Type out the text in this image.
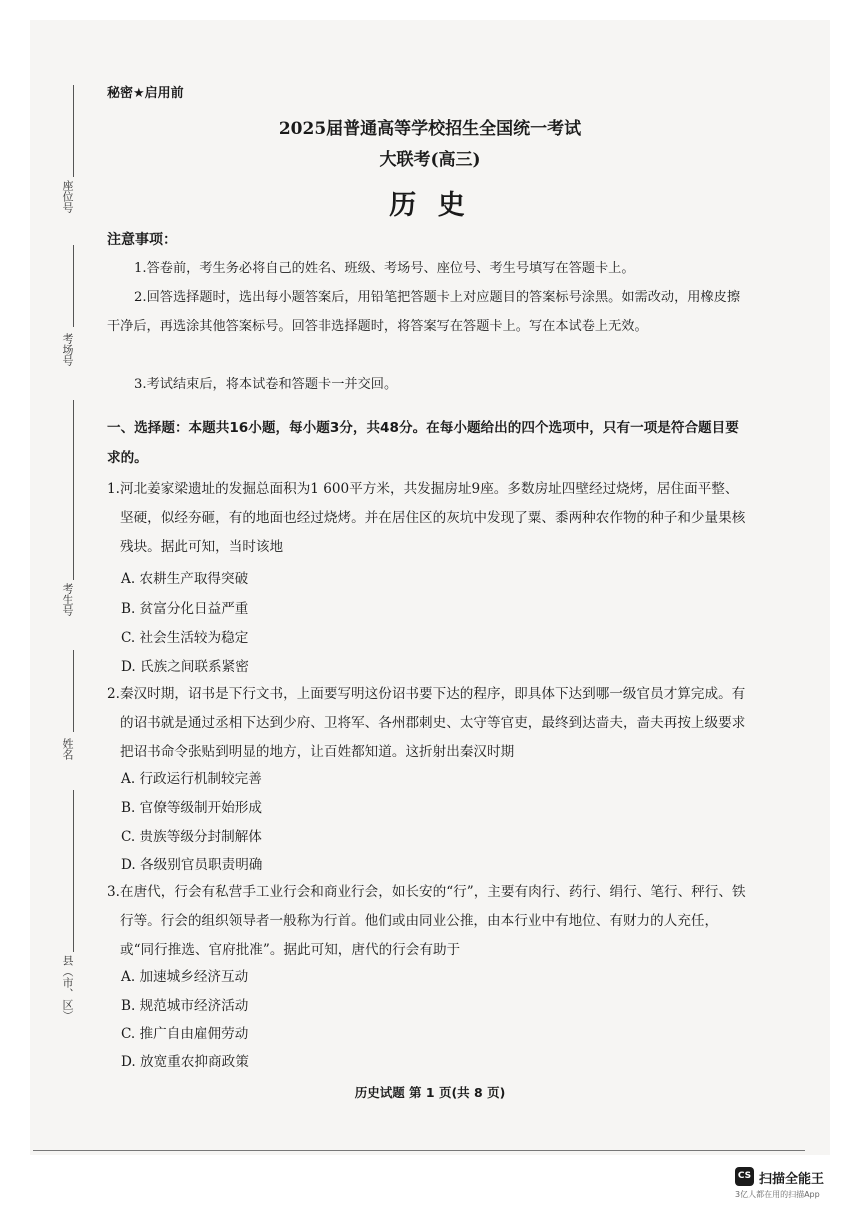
座位号
考场号
考生号
姓名
县（市、区）
秘密★启用前
2025届普通高等学校招生全国统一考试
大联考(高三)
历 史
注意事项：
1.答卷前，考生务必将自己的姓名、班级、考场号、座位号、考生号填写在答题卡上。
2.回答选择题时，选出每小题答案后，用铅笔把答题卡上对应题目的答案标号涂黑。如需改动，用橡皮擦干净后，再选涂其他答案标号。回答非选择题时，将答案写在答题卡上。写在本试卷上无效。
3.考试结束后，将本试卷和答题卡一并交回。
一、选择题：本题共16小题，每小题3分，共48分。在每小题给出的四个选项中，只有一项是符合题目要求的。
1.河北姜家梁遗址的发掘总面积为1 600平方米，共发掘房址9座。多数房址四壁经过烧烤，居住面平整、坚硬，似经夯砸，有的地面也经过烧烤。并在居住区的灰坑中发现了粟、黍两种农作物的种子和少量果核残块。据此可知，当时该地
A. 农耕生产取得突破
B. 贫富分化日益严重
C. 社会生活较为稳定
D. 氏族之间联系紧密
2.秦汉时期，诏书是下行文书，上面要写明这份诏书要下达的程序，即具体下达到哪一级官员才算完成。有的诏书就是通过丞相下达到少府、卫将军、各州郡刺史、太守等官吏，最终到达啬夫，啬夫再按上级要求把诏书命令张贴到明显的地方，让百姓都知道。这折射出秦汉时期
A. 行政运行机制较完善
B. 官僚等级制开始形成
C. 贵族等级分封制解体
D. 各级别官员职责明确
3.在唐代，行会有私营手工业行会和商业行会，如长安的“行”，主要有肉行、药行、绢行、笔行、秤行、铁行等。行会的组织领导者一般称为行首。他们或由同业公推，由本行业中有地位、有财力的人充任，或“同行推选、官府批准”。据此可知，唐代的行会有助于
A. 加速城乡经济互动
B. 规范城市经济活动
C. 推广自由雇佣劳动
D. 放宽重农抑商政策
历史试题 第 1 页(共 8 页)
CS 扫描全能王
3亿人都在用的扫描App
